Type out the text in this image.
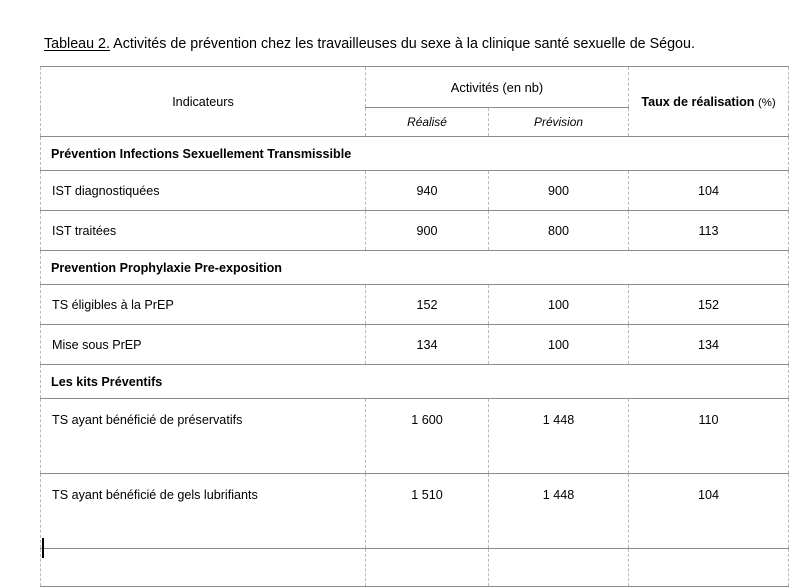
Tableau 2. Activités de prévention chez les travailleuses du sexe à la clinique santé sexuelle de Ségou.
Indicateurs	Activités (en nb)		Taux de réalisation (%)
	Réalisé	Prévision	
Prévention Infections Sexuellement Transmissible			
IST diagnostiquées	940	900	104
IST traitées	900	800	113
Prevention Prophylaxie Pre-exposition			
TS éligibles à la PrEP	152	100	152
Mise sous PrEP	134	100	134
Les kits Préventifs			
TS ayant bénéficié de préservatifs	1 600	1 448	110
TS ayant bénéficié de gels lubrifiants	1 510	1 448	104
